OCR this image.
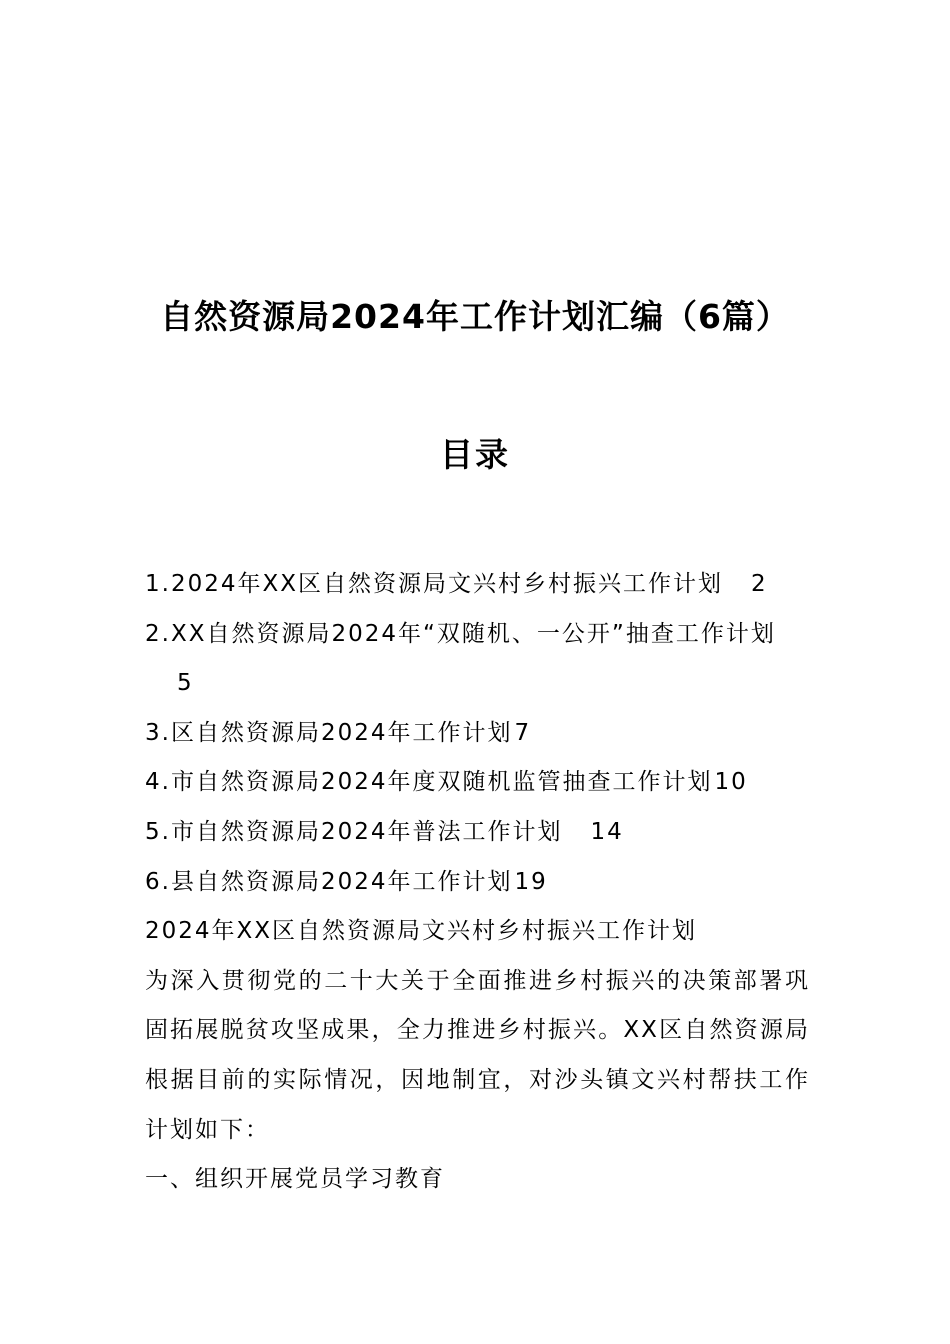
自然资源局2024年工作计划汇编（6篇）
目录
1.2024年XX区自然资源局文兴村乡村振兴工作计划 2
2.XX自然资源局2024年“双随机、一公开”抽查工作计划
5
3.区自然资源局2024年工作计划7
4.市自然资源局2024年度双随机监管抽查工作计划10
5.市自然资源局2024年普法工作计划 14
6.县自然资源局2024年工作计划19
2024年XX区自然资源局文兴村乡村振兴工作计划
为深入贯彻党的二十大关于全面推进乡村振兴的决策部署巩固拓展脱贫攻坚成果，全力推进乡村振兴。XX区自然资源局根据目前的实际情况，因地制宜，对沙头镇文兴村帮扶工作计划如下：
一、组织开展党员学习教育
